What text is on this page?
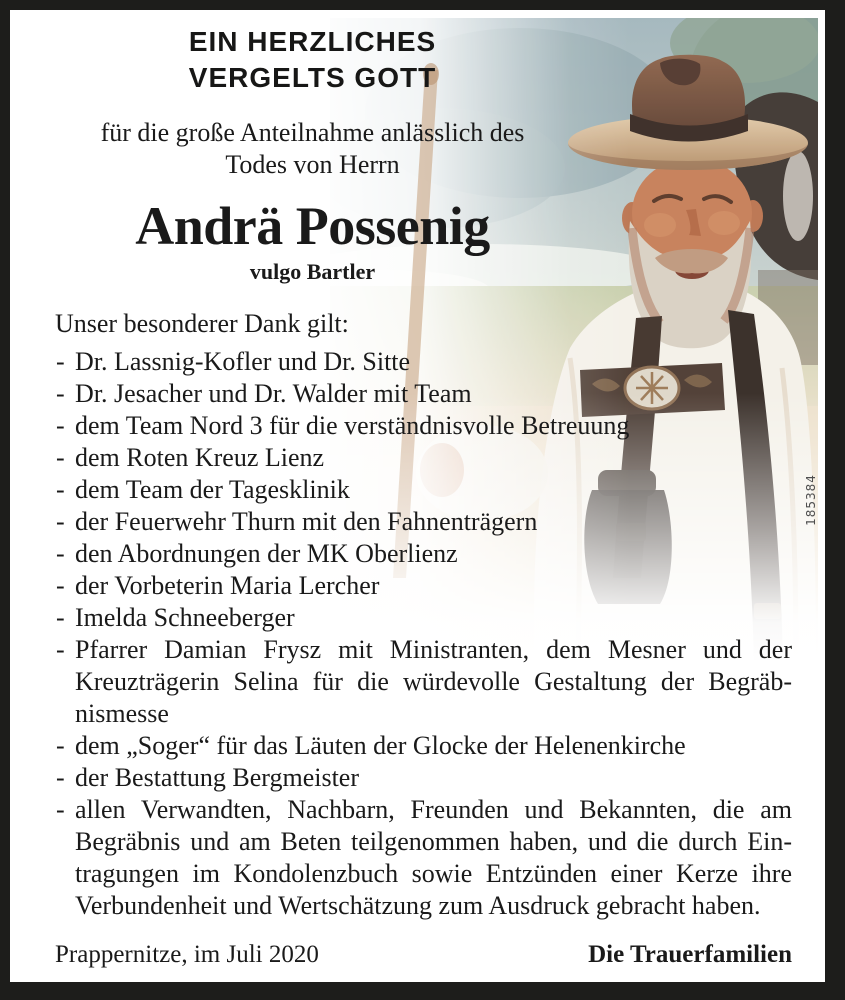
185384
EIN HERZLICHES
VERGELTS GOTT
für die große Anteilnahme anlässlich des
Todes von Herrn
Andrä Possenig
vulgo Bartler
Unser besonderer Dank gilt:
- Dr. Lassnig-Kofler und Dr. Sitte
- Dr. Jesacher und Dr. Walder mit Team
- dem Team Nord 3 für die verständnisvolle Betreuung
- dem Roten Kreuz Lienz
- dem Team der Tagesklinik
- der Feuerwehr Thurn mit den Fahnenträgern
- den Abordnungen der MK Oberlienz
- der Vorbeterin Maria Lercher
- Imelda Schneeberger
- Pfarrer Damian Frysz mit Ministranten, dem Mesner und der Kreuzträgerin Selina für die würdevolle Gestaltung der Begräbnismesse
- dem „Soger“ für das Läuten der Glocke der Helenenkirche
- der Bestattung Bergmeister
- allen Verwandten, Nachbarn, Freunden und Bekannten, die am Begräbnis und am Beten teilgenommen haben, und die durch Eintragungen im Kondolenzbuch sowie Entzünden einer Kerze ihre Verbundenheit und Wertschätzung zum Ausdruck gebracht haben.
Prappernitze, im Juli 2020	Die Trauerfamilien
